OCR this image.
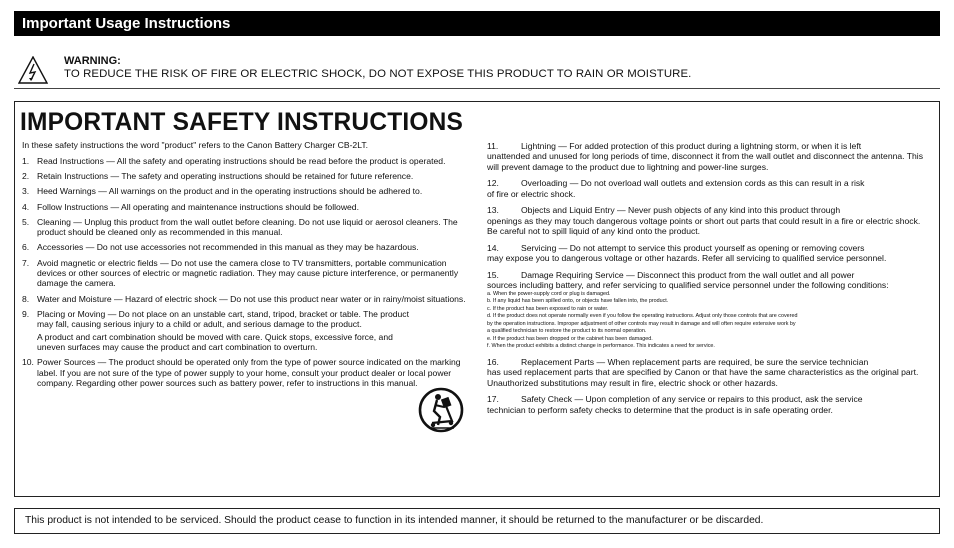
Important Usage Instructions
WARNING:
TO REDUCE THE RISK OF FIRE OR ELECTRIC SHOCK, DO NOT EXPOSE THIS PRODUCT TO RAIN OR MOISTURE.
IMPORTANT SAFETY INSTRUCTIONS
In these safety instructions the word "product" refers to the Canon Battery Charger CB-2LT.
1. Read Instructions — All the safety and operating instructions should be read before the product is operated.
2. Retain Instructions — The safety and operating instructions should be retained for future reference.
3. Heed Warnings — All warnings on the product and in the operating instructions should be adhered to.
4. Follow Instructions — All operating and maintenance instructions should be followed.
5. Cleaning — Unplug this product from the wall outlet before cleaning. Do not use liquid or aerosol cleaners. The product should be cleaned only as recommended in this manual.
6. Accessories — Do not use accessories not recommended in this manual as they may be hazardous.
7. Avoid magnetic or electric fields — Do not use the camera close to TV transmitters, portable communication devices or other sources of electric or magnetic radiation. They may cause picture interference, or permanently damage the camera.
8. Water and Moisture — Hazard of electric shock — Do not use this product near water or in rainy/moist situations.
9. Placing or Moving — Do not place on an unstable cart, stand, tripod, bracket or table. The product may fall, causing serious injury to a child or adult, and serious damage to the product.
A product and cart combination should be moved with care. Quick stops, excessive force, and uneven surfaces may cause the product and cart combination to overturn.
10. Power Sources — The product should be operated only from the type of power source indicated on the marking label. If you are not sure of the type of power supply to your home, consult your product dealer or local power company. Regarding other power sources such as battery power, refer to instructions in this manual.
11.	Lightning — For added protection of this product during a lightning storm, or when it is left
unattended and unused for long periods of time, disconnect it from the wall outlet and disconnect the antenna. This will prevent damage to the product due to lightning and power-line surges.
12.	Overloading — Do not overload wall outlets and extension cords as this can result in a risk
of fire or electric shock.
13.	Objects and Liquid Entry — Never push objects of any kind into this product through
openings as they may touch dangerous voltage points or short out parts that could result in a fire or electric shock. Be careful not to spill liquid of any kind onto the product.
14.	Servicing — Do not attempt to service this product yourself as opening or removing covers
may expose you to dangerous voltage or other hazards. Refer all servicing to qualified service personnel.
15.	Damage Requiring Service — Disconnect this product from the wall outlet and all power
sources including battery, and refer servicing to qualified service personnel under the following conditions:
a. When the power-supply cord or plug is damaged.
b. If any liquid has been spilled onto, or objects have fallen into, the product.
c. If the product has been exposed to rain or water.
d. If the product does not operate normally even if you follow the operating instructions. Adjust only those controls that are covered
by the operation instructions. Improper adjustment of other controls may result in damage and will often require extensive work by
a qualified technician to restore the product to its normal operation.
e. If the product has been dropped or the cabinet has been damaged.
f. When the product exhibits a distinct change in performance. This indicates a need for service.
16.	Replacement Parts — When replacement parts are required, be sure the service technician
has used replacement parts that are specified by Canon or that have the same characteristics as the original part. Unauthorized substitutions may result in fire, electric shock or other hazards.
17.	Safety Check — Upon completion of any service or repairs to this product, ask the service
technician to perform safety checks to determine that the product is in safe operating order.
This product is not intended to be serviced. Should the product cease to function in its intended manner, it should be returned to the manufacturer or be discarded.
